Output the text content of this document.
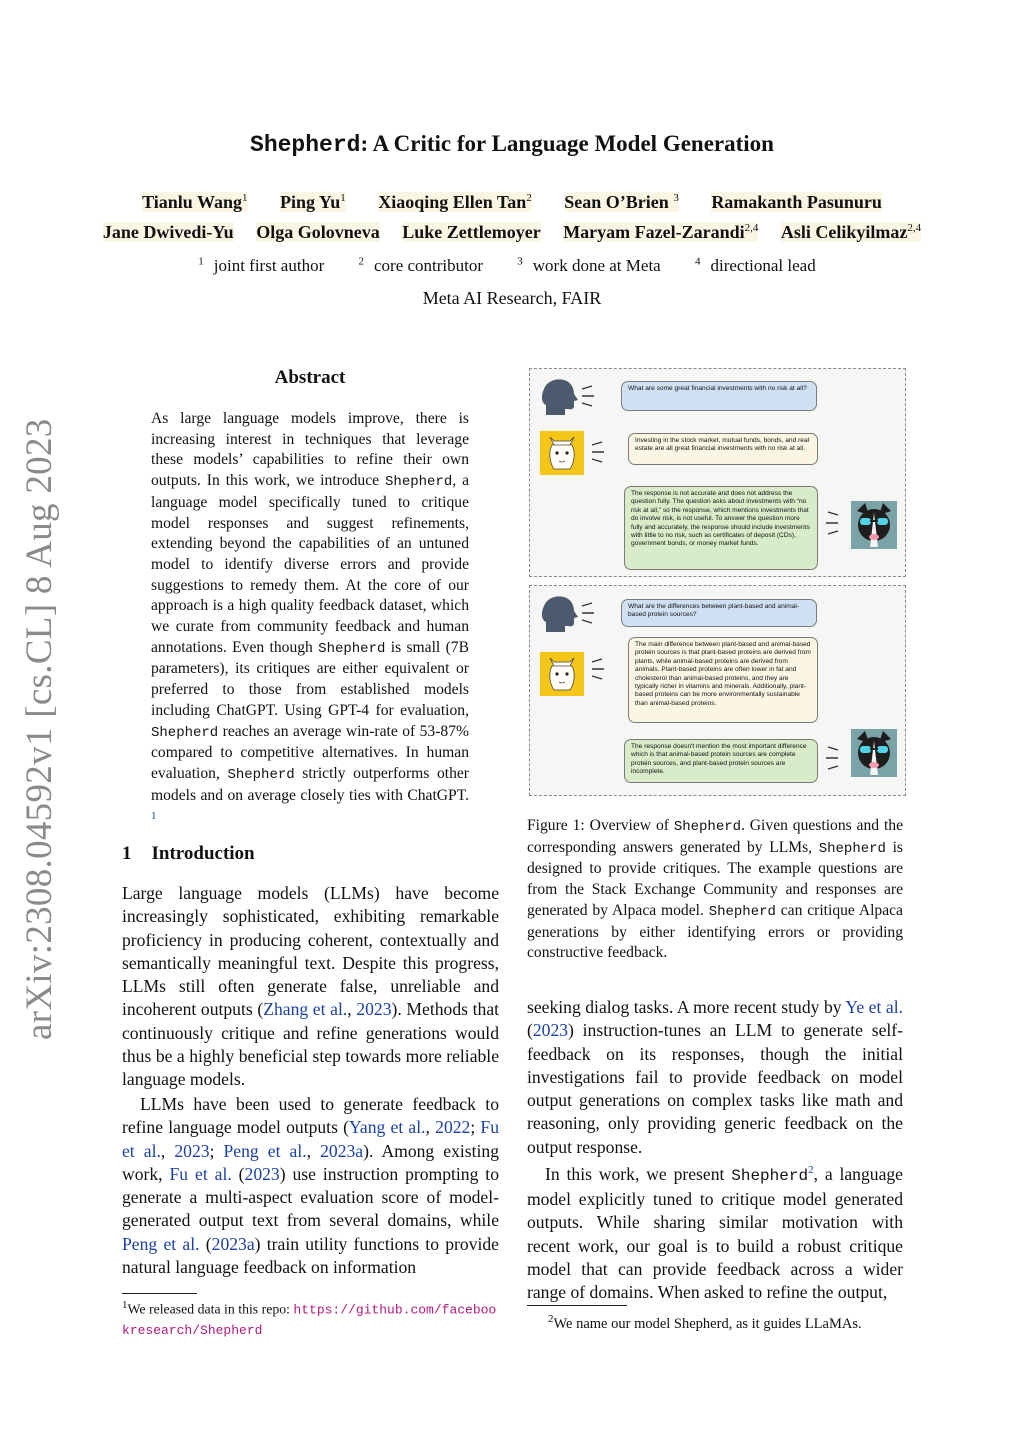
arXiv:2308.04592v1 [cs.CL] 8 Aug 2023
Shepherd: A Critic for Language Model Generation
Tianlu Wang$^1$ Ping Yu$^1$ Xiaoqing Ellen Tan$^2$ Sean O’Brien $^3$ Ramakanth Pasunuru
Jane Dwivedi-Yu Olga Golovneva Luke Zettlemoyer Maryam Fazel-Zarandi$^{2,4}$ Asli Celikyilmaz$^{2,4}$
$^1$ joint first author	$^2$ core contributor	$^3$ work done at Meta	$^4$ directional lead
Meta AI Research, FAIR
Abstract
As large language models improve, there is increasing interest in techniques that leverage these models’ capabilities to refine their own outputs. In this work, we introduce Shepherd, a language model specifically tuned to critique model responses and suggest refinements, extending beyond the capabilities of an untuned model to identify diverse errors and provide suggestions to remedy them. At the core of our approach is a high quality feedback dataset, which we curate from community feedback and human annotations. Even though Shepherd is small (7B parameters), its critiques are either equivalent or preferred to those from established models including ChatGPT. Using GPT-4 for evaluation, Shepherd reaches an average win-rate of 53-87% compared to competitive alternatives. In human evaluation, Shepherd strictly outperforms other models and on average closely ties with ChatGPT. $^1$
1 Introduction
Large language models (LLMs) have become increasingly sophisticated, exhibiting remarkable proficiency in producing coherent, contextually and semantically meaningful text. Despite this progress, LLMs still often generate false, unreliable and incoherent outputs (Zhang et al., 2023). Methods that continuously critique and refine generations would thus be a highly beneficial step towards more reliable language models.
LLMs have been used to generate feedback to refine language model outputs (Yang et al., 2022; Fu et al., 2023; Peng et al., 2023a). Among existing work, Fu et al. (2023) use instruction prompting to generate a multi-aspect evaluation score of model-generated output text from several domains, while Peng et al. (2023a) train utility functions to provide natural language feedback on information
$^1$We released data in this repo: https://github.com/facebookresearch/Shepherd
What are some great financial investments with no risk at all?
Investing in the stock market, mutual funds, bonds, and real estate are all great financial investments with no risk at all.
The response is not accurate and does not address the question fully. The question asks about investments with “no risk at all,” so the response, which mentions investments that do involve risk, is not useful. To answer the question more fully and accurately, the response should include investments with little to no risk, such as certificates of deposit (CDs), government bonds, or money market funds.
What are the differences between plant-based and animal-based protein sources?
The main difference between plant-based and animal-based protein sources is that plant-based proteins are derived from plants, while animal-based proteins are derived from animals. Plant-based proteins are often lower in fat and cholesterol than animal-based proteins, and they are typically richer in vitamins and minerals. Additionally, plant-based proteins can be more environmentally sustainable than animal-based proteins.
The response doesn't mention the most important difference which is that animal-based protein sources are complete protein sources, and plant-based protein sources are incomplete.
Figure 1: Overview of Shepherd. Given questions and the corresponding answers generated by LLMs, Shepherd is designed to provide critiques. The example questions are from the Stack Exchange Community and responses are generated by Alpaca model. Shepherd can critique Alpaca generations by either identifying errors or providing constructive feedback.
seeking dialog tasks. A more recent study by Ye et al. (2023) instruction-tunes an LLM to generate self-feedback on its responses, though the initial investigations fail to provide feedback on model output generations on complex tasks like math and reasoning, only providing generic feedback on the output response.
In this work, we present Shepherd$^2$, a language model explicitly tuned to critique model generated outputs. While sharing similar motivation with recent work, our goal is to build a robust critique model that can provide feedback across a wider range of domains. When asked to refine the output,
$^2$We name our model Shepherd, as it guides LLaMAs.
